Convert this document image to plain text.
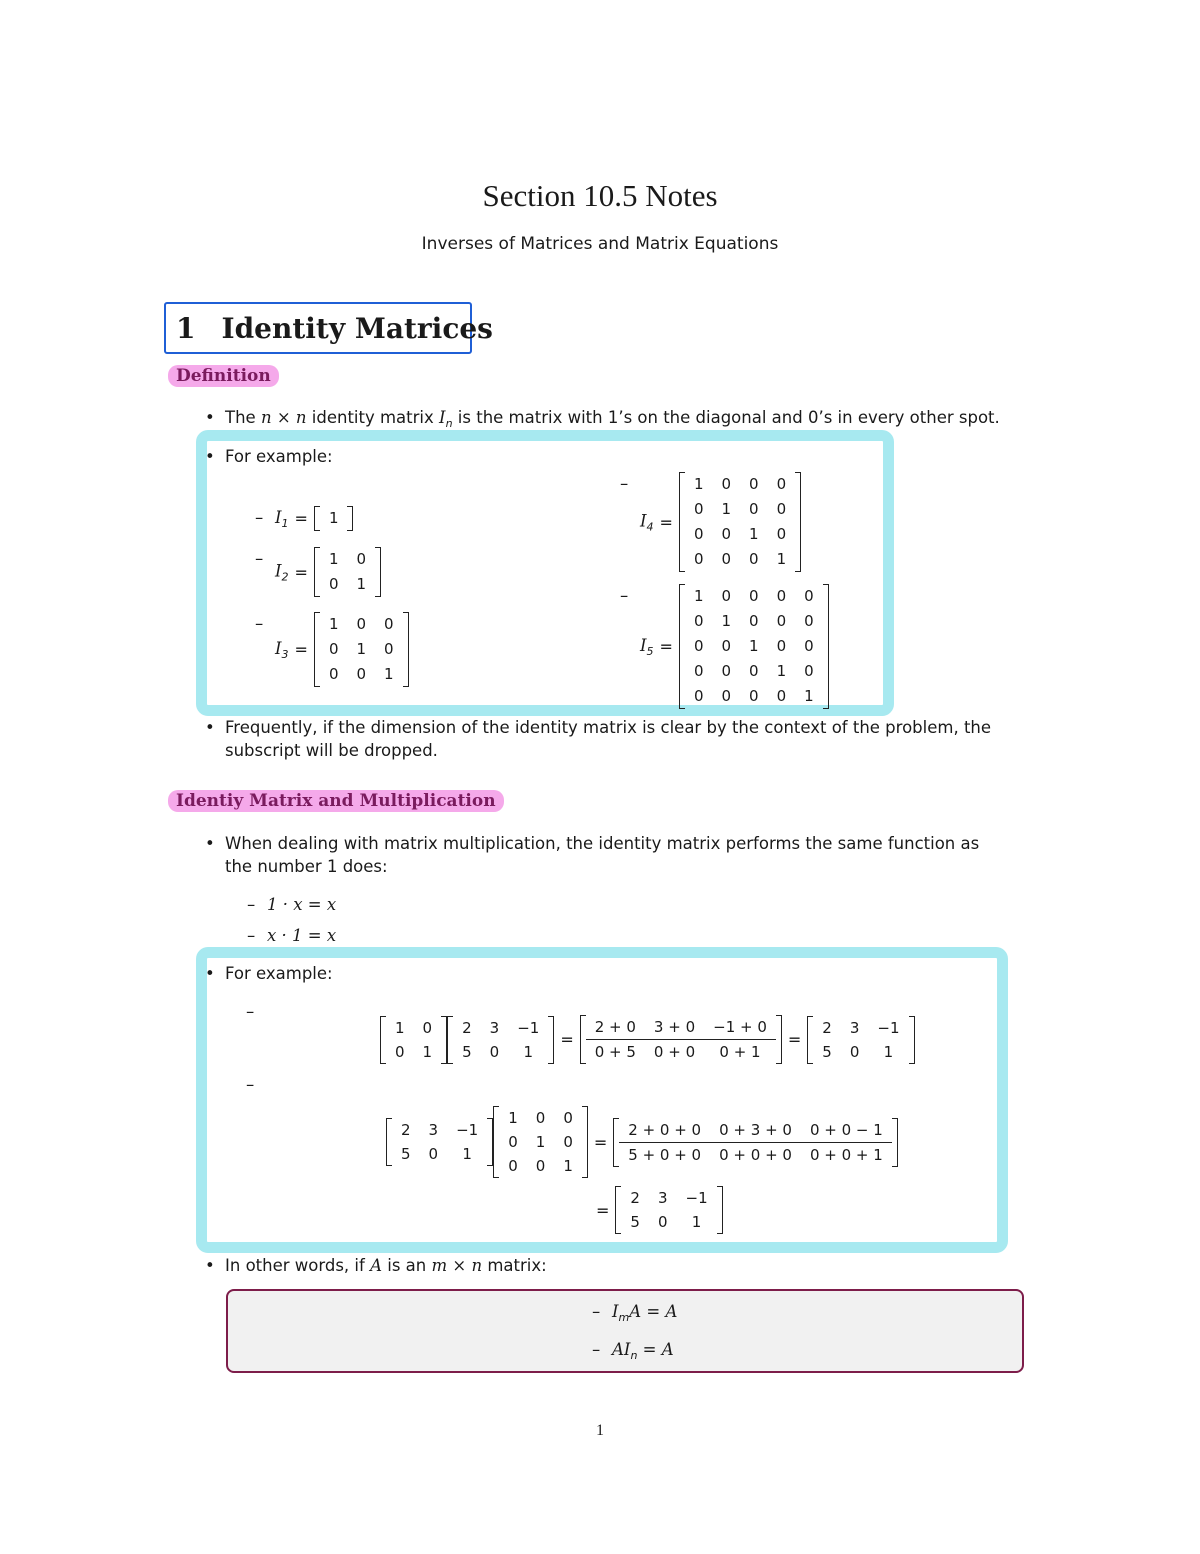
Section 10.5 Notes
Inverses of Matrices and Matrix Equations
1 Identity Matrices
Definition
• The n × n identity matrix $I_n$ is the matrix with 1’s on the diagonal and 0’s in every other spot.
• For example:
– $I_1 = 1$
– $I_2$ =
1	0
0	1
– $I_3$ =
1	0	0
0	1	0
0	0	1
– $I_4$ =
1	0	0	0
0	1	0	0
0	0	1	0
0	0	0	1
– $I_5$ =
1	0	0	0	0
0	1	0	0	0
0	0	1	0	0
0	0	0	1	0
0	0	0	0	1
• Frequently, if the dimension of the identity matrix is clear by the context of the problem, the
subscript will be dropped.
Identiy Matrix and Multiplication
• When dealing with matrix multiplication, the identity matrix performs the same function as
the number 1 does:
– 1 · x = x
– x · 1 = x
• For example:
1	0
0	1
2	3	−1
5	0	1
=
2 + 0	3 + 0	−1 + 0
0 + 5	0 + 0	0 + 1
=
2	3	−1
5	0	1
2	3	−1
5	0	1
1	0	0
0	1	0
0	0	1
=
2 + 0 + 0	0 + 3 + 0	0 + 0 − 1
5 + 0 + 0	0 + 0 + 0	0 + 0 + 1
=
2	3	−1
5	0	1
• In other words, if A is an m × n matrix:
– $I_mA = A$
– $AI_n = A$
1
